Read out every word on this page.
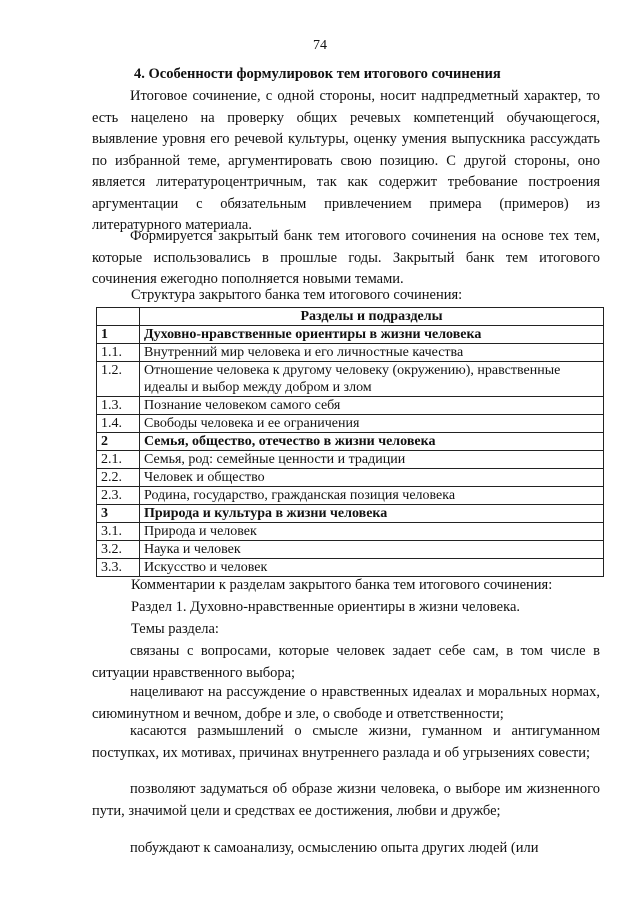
74
4. Особенности формулировок тем итогового сочинения

Итоговое сочинение, с одной стороны, носит надпредметный характер, то есть нацелено на проверку общих речевых компетенций обучающегося, выявление уровня его речевой культуры, оценку умения выпускника рассуждать по избранной теме, аргументировать свою позицию. С другой стороны, оно является литературоцентричным, так как содержит требование построения аргументации с обязательным привлечением примера (примеров) из литературного материала.

Формируется закрытый банк тем итогового сочинения на основе тех тем, которые использовались в прошлые годы. Закрытый банк тем итогового сочинения ежегодно пополняется новыми темами.

Структура закрытого банка тем итогового сочинения:
	Разделы и подразделы
1	Духовно-нравственные ориентиры в жизни человека
1.1.	Внутренний мир человека и его личностные качества
1.2.	Отношение человека к другому человеку (окружению), нравственные идеалы и выбор между добром и злом
1.3.	Познание человеком самого себя
1.4.	Свободы человека и ее ограничения
2	Семья, общество, отечество в жизни человека
2.1.	Семья, род: семейные ценности и традиции
2.2.	Человек и общество
2.3.	Родина, государство, гражданская позиция человека
3	Природа и культура в жизни человека
3.1.	Природа и человек
3.2.	Наука и человек
3.3.	Искусство и человек
Комментарии к разделам закрытого банка тем итогового сочинения:
Раздел 1. Духовно-нравственные ориентиры в жизни человека.
Темы раздела:

связаны с вопросами, которые человек задает себе сам, в том числе в ситуации нравственного выбора;

нацеливают на рассуждение о нравственных идеалах и моральных нормах, сиюминутном и вечном, добре и зле, о свободе и ответственности;

касаются размышлений о смысле жизни, гуманном и антигуманном поступках, их мотивах, причинах внутреннего разлада и об угрызениях совести;

позволяют задуматься об образе жизни человека, о выборе им жизненного пути, значимой цели и средствах ее достижения, любви и дружбе;

побуждают к самоанализу, осмыслению опыта других людей (или
